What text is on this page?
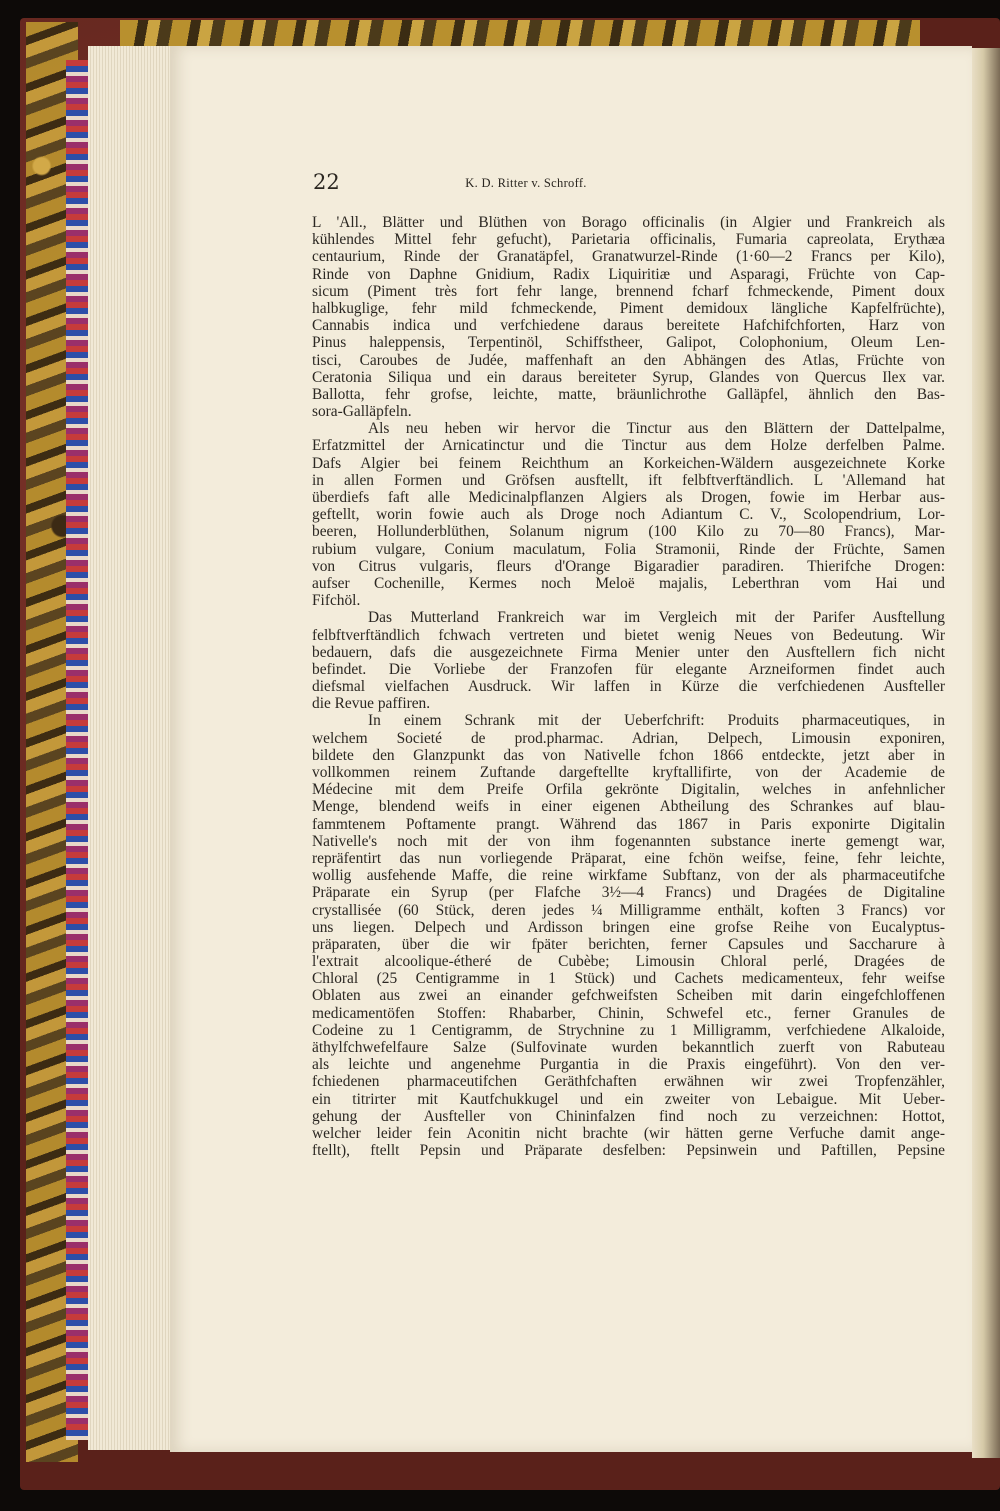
22	K. D. Ritter v. Schroff.
L 'All., Blätter und Blüthen von Borago officinalis (in Algier und Frankreich als
kühlendes Mittel fehr gefucht), Parietaria officinalis, Fumaria capreolata, Erythæa
centaurium, Rinde der Granatäpfel, Granatwurzel-Rinde (1·60—2 Francs per Kilo),
Rinde von Daphne Gnidium, Radix Liquiritiæ und Asparagi, Früchte von Cap-
sicum (Piment très fort fehr lange, brennend fcharf fchmeckende, Piment doux
halbkuglige, fehr mild fchmeckende, Piment demidoux längliche Kapfelfrüchte),
Cannabis indica und verfchiedene daraus bereitete Hafchifchforten, Harz von
Pinus haleppensis, Terpentinöl, Schiffstheer, Galipot, Colophonium, Oleum Len-
tisci, Caroubes de Judée, maffenhaft an den Abhängen des Atlas, Früchte von
Ceratonia Siliqua und ein daraus bereiteter Syrup, Glandes von Quercus Ilex var.
Ballotta, fehr grofse, leichte, matte, bräunlichrothe Galläpfel, ähnlich den Bas-
sora-Galläpfeln.
Als neu heben wir hervor die Tinctur aus den Blättern der Dattelpalme,
Erfatzmittel der Arnicatinctur und die Tinctur aus dem Holze derfelben Palme.
Dafs Algier bei feinem Reichthum an Korkeichen-Wäldern ausgezeichnete Korke
in allen Formen und Gröfsen ausftellt, ift felbftverftändlich. L 'Allemand hat
überdiefs faft alle Medicinalpflanzen Algiers als Drogen, fowie im Herbar aus-
geftellt, worin fowie auch als Droge noch Adiantum C. V., Scolopendrium, Lor-
beeren, Hollunderblüthen, Solanum nigrum (100 Kilo zu 70—80 Francs), Mar-
rubium vulgare, Conium maculatum, Folia Stramonii, Rinde der Früchte, Samen
von Citrus vulgaris, fleurs d'Orange Bigaradier paradiren. Thierifche Drogen:
aufser Cochenille, Kermes noch Meloë majalis, Leberthran vom Hai und
Fifchöl.
Das Mutterland Frankreich war im Vergleich mit der Parifer Ausftellung
felbftverftändlich fchwach vertreten und bietet wenig Neues von Bedeutung. Wir
bedauern, dafs die ausgezeichnete Firma Menier unter den Ausftellern fich nicht
befindet. Die Vorliebe der Franzofen für elegante Arzneiformen findet auch
diefsmal vielfachen Ausdruck. Wir laffen in Kürze die verfchiedenen Ausfteller
die Revue paffiren.
In einem Schrank mit der Ueberfchrift: Produits pharmaceutiques, in
welchem Societé de prod.pharmac. Adrian, Delpech, Limousin exponiren,
bildete den Glanzpunkt das von Nativelle fchon 1866 entdeckte, jetzt aber in
vollkommen reinem Zuftande dargeftellte kryftallifirte, von der Academie de
Médecine mit dem Preife Orfila gekrönte Digitalin, welches in anfehnlicher
Menge, blendend weifs in einer eigenen Abtheilung des Schrankes auf blau-
fammtenem Poftamente prangt. Während das 1867 in Paris exponirte Digitalin
Nativelle's noch mit der von ihm fogenannten substance inerte gemengt war,
repräfentirt das nun vorliegende Präparat, eine fchön weifse, feine, fehr leichte,
wollig ausfehende Maffe, die reine wirkfame Subftanz, von der als pharmaceutifche
Präparate ein Syrup (per Flafche 3½—4 Francs) und Dragées de Digitaline
crystallisée (60 Stück, deren jedes ¼ Milligramme enthält, koften 3 Francs) vor
uns liegen. Delpech und Ardisson bringen eine grofse Reihe von Eucalyptus-
präparaten, über die wir fpäter berichten, ferner Capsules und Saccharure à
l'extrait alcoolique-étheré de Cubèbe; Limousin Chloral perlé, Dragées de
Chloral (25 Centigramme in 1 Stück) und Cachets medicamenteux, fehr weifse
Oblaten aus zwei an einander gefchweifsten Scheiben mit darin eingefchloffenen
medicamentöfen Stoffen: Rhabarber, Chinin, Schwefel etc., ferner Granules de
Codeine zu 1 Centigramm, de Strychnine zu 1 Milligramm, verfchiedene Alkaloide,
äthylfchwefelfaure Salze (Sulfovinate wurden bekanntlich zuerft von Rabuteau
als leichte und angenehme Purgantia in die Praxis eingeführt). Von den ver-
fchiedenen pharmaceutifchen Geräthfchaften erwähnen wir zwei Tropfenzähler,
ein titrirter mit Kautfchukkugel und ein zweiter von Lebaigue. Mit Ueber-
gehung der Ausfteller von Chininfalzen find noch zu verzeichnen: Hottot,
welcher leider fein Aconitin nicht brachte (wir hätten gerne Verfuche damit ange-
ftellt), ftellt Pepsin und Präparate desfelben: Pepsinwein und Paftillen, Pepsine
